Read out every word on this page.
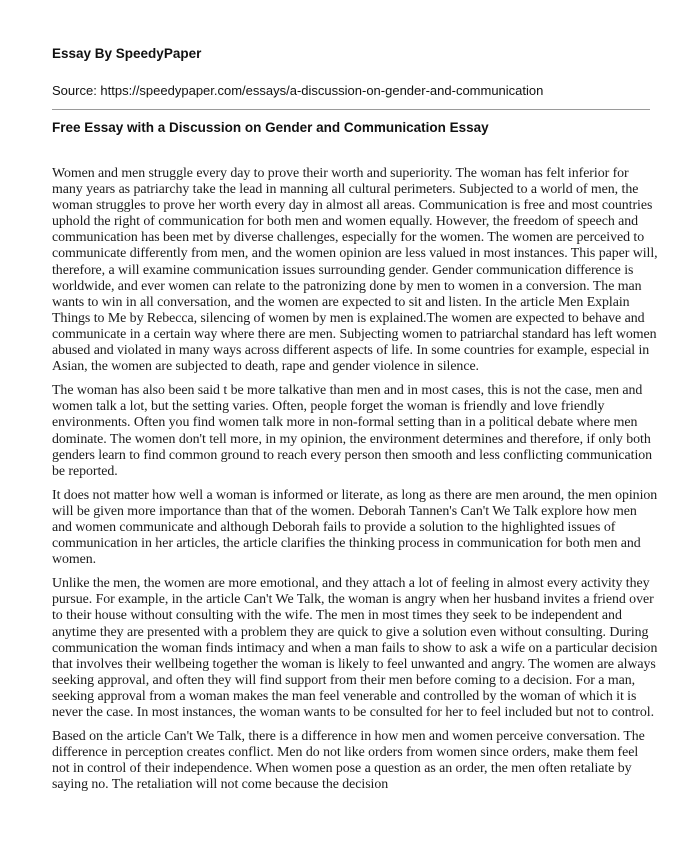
Essay By SpeedyPaper
Source: https://speedypaper.com/essays/a-discussion-on-gender-and-communication
Free Essay with a Discussion on Gender and Communication Essay

Women and men struggle every day to prove their worth and superiority. The woman has felt inferior for many years as patriarchy take the lead in manning all cultural perimeters. Subjected to a world of men, the woman struggles to prove her worth every day in almost all areas. Communication is free and most countries uphold the right of communication for both men and women equally. However, the freedom of speech and communication has been met by diverse challenges, especially for the women. The women are perceived to communicate differently from men, and the women opinion are less valued in most instances. This paper will, therefore, a will examine communication issues surrounding gender. Gender communication difference is worldwide, and ever women can relate to the patronizing done by men to women in a conversion. The man wants to win in all conversation, and the women are expected to sit and listen. In the article Men Explain Things to Me by Rebecca, silencing of women by men is explained.The women are expected to behave and communicate in a certain way where there are men. Subjecting women to patriarchal standard has left women abused and violated in many ways across different aspects of life. In some countries for example, especial in Asian, the women are subjected to death, rape and gender violence in silence.

The woman has also been said t be more talkative than men and in most cases, this is not the case, men and women talk a lot, but the setting varies. Often, people forget the woman is friendly and love friendly environments. Often you find women talk more in non-formal setting than in a political debate where men dominate. The women don't tell more, in my opinion, the environment determines and therefore, if only both genders learn to find common ground to reach every person then smooth and less conflicting communication be reported.

It does not matter how well a woman is informed or literate, as long as there are men around, the men opinion will be given more importance than that of the women. Deborah Tannen's Can't We Talk explore how men and women communicate and although Deborah fails to provide a solution to the highlighted issues of communication in her articles, the article clarifies the thinking process in communication for both men and women.

Unlike the men, the women are more emotional, and they attach a lot of feeling in almost every activity they pursue. For example, in the article Can't We Talk, the woman is angry when her husband invites a friend over to their house without consulting with the wife. The men in most times they seek to be independent and anytime they are presented with a problem they are quick to give a solution even without consulting. During communication the woman finds intimacy and when a man fails to show to ask a wife on a particular decision that involves their wellbeing together the woman is likely to feel unwanted and angry. The women are always seeking approval, and often they will find support from their men before coming to a decision. For a man, seeking approval from a woman makes the man feel venerable and controlled by the woman of which it is never the case. In most instances, the woman wants to be consulted for her to feel included but not to control.

Based on the article Can't We Talk, there is a difference in how men and women perceive conversation. The difference in perception creates conflict. Men do not like orders from women since orders, make them feel not in control of their independence. When women pose a question as an order, the men often retaliate by saying no. The retaliation will not come because the decision
